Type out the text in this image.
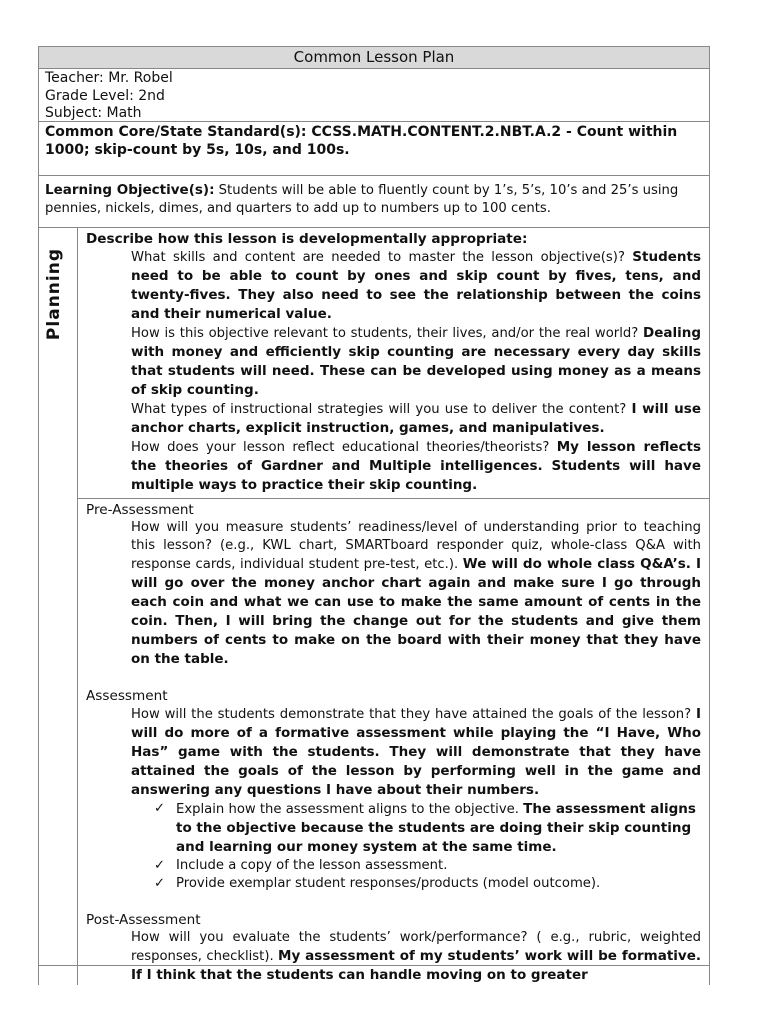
Common Lesson Plan
Teacher: Mr. Robel
Grade Level: 2nd
Subject: Math
Common Core/State Standard(s): CCSS.MATH.CONTENT.2.NBT.A.2 - Count within 1000; skip-count by 5s, 10s, and 100s.
Learning Objective(s): Students will be able to fluently count by 1’s, 5’s, 10’s and 25’s using pennies, nickels, dimes, and quarters to add up to numbers up to 100 cents.
Planning
Describe how this lesson is developmentally appropriate:
What skills and content are needed to master the lesson objective(s)? Students need to be able to count by ones and skip count by fives, tens, and twenty-fives. They also need to see the relationship between the coins and their numerical value.
How is this objective relevant to students, their lives, and/or the real world? Dealing with money and efficiently skip counting are necessary every day skills that students will need. These can be developed using money as a means of skip counting.
What types of instructional strategies will you use to deliver the content? I will use anchor charts, explicit instruction, games, and manipulatives.
How does your lesson reflect educational theories/theorists? My lesson reflects the theories of Gardner and Multiple intelligences. Students will have multiple ways to practice their skip counting.
Pre-Assessment
How will you measure students’ readiness/level of understanding prior to teaching this lesson? (e.g., KWL chart, SMARTboard responder quiz, whole-class Q&A with response cards, individual student pre-test, etc.). We will do whole class Q&A’s. I will go over the money anchor chart again and make sure I go through each coin and what we can use to make the same amount of cents in the coin. Then, I will bring the change out for the students and give them numbers of cents to make on the board with their money that they have on the table.
Assessment
How will the students demonstrate that they have attained the goals of the lesson? I will do more of a formative assessment while playing the “I Have, Who Has” game with the students. They will demonstrate that they have attained the goals of the lesson by performing well in the game and answering any questions I have about their numbers.
✓ Explain how the assessment aligns to the objective. The assessment aligns to the objective because the students are doing their skip counting and learning our money system at the same time.
✓ Include a copy of the lesson assessment.
✓ Provide exemplar student responses/products (model outcome).
Post-Assessment
How will you evaluate the students’ work/performance? ( e.g., rubric, weighted responses, checklist). My assessment of my students’ work will be formative. If I think that the students can handle moving on to greater
